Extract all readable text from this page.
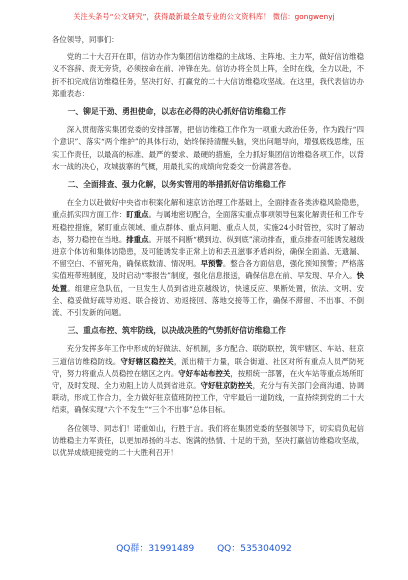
关注头条号“公文研究”，获得最新最全最专业的公文资料库！ 微信：gongwenyj

各位领导，同事们：

党的二十大召开在即，信访办作为集团信访维稳的主战场、主阵地、主力军，做好信访维稳义不容辞、责无旁贷，必须按命在前、冲锋在先。信访办将全员上阵，全时在线，全力以赴，不折不扣完成信访维稳任务，坚决打好、打赢党的二十大信访维稳攻坚战。在这里，我代表信访办郑重表态：

一、铆足干劲、勇担使命，以志在必得的决心抓好信访维稳工作

深入贯彻落实集团党委的安排部署，把信访维稳工作作为一项重大政治任务，作为践行“四个意识”、落实“两个维护”的具体行动，始终保持清醒头脑，突出问题导向，增强底线思维，压实工作责任，以最高的标准、最严的要求、最硬的措施，全力抓好集团信访维稳各项工作，以背水一战的决心，攻城拔寨的气概，用最扎实的成绩向党委交一份满意答卷。

二、全面排查、强力化解，以务实管用的举措抓好信访维稳工作

在全力以赴做好中央省市积案化解和速京访治理工作基础上，全面排查各类涉稳风险隐患，重点抓实四方面工作：盯重点。与属地密切配合，全面落实重点事项领导包案化解责任和工作专班稳控措施，紧盯重点领域、重点群体、重点问题、重点人员，实施24小时管控，实时了解动态，努力稳控在当地。排重点。开展不间断“横到边、纵到底”滚动排查，重点排查可能诱发越级进京个体访和集体访隐患，及可能诱发非正常上访和丢丑滋事矛盾纠纷，确保全面盖、无遗漏、不留空白、不留死角，确保底数清、情况明。早预警。整合各方面信息，强化预知预警；严格落实值班带班制度，及时启动“零报告”制度，强化信息报送，确保信息在前、早发现、早介入。快处置。组建应急队伍，一旦发生人员到省进京越级访，快速反应、果断处置，依法、文明、安全、稳妥做好疏导劝返、联合接访、劝返接回、落地交接等工作，确保不滞留、不出事、不倒流、不引发新的问题。

三、重点布控、筑牢防线，以决战决胜的气势抓好信访维稳工作

充分发挥多年工作中形成的好做法、好机制，多方配合、联防联控，筑牢辖区、车站、驻京三道信访维稳防线。守好辖区稳控关，派出精干力量，联合街道、社区对所有重点人员严防死守，努力将重点人员稳控在辖区之内。守好车站布控关，按照统一部署，在火车站等重点场所盯守，及时发现、全力劝阻上访人员到省进京。守好驻京防控关，充分与有关部门会商沟通、协调联动，形成工作合力，全力做好驻京值班防控工作，守牢最后一道防线，一直持续到党的二十大结束，确保实现“六个不发生”“三个不出事”总体目标。

各位领导、同志们！诺重如山，行胜于言。我们将在集团党委的坚强领导下，切实肩负起信访维稳主力军责任，以更加昂扬的斗志、饱满的热情、十足的干劲，坚决打赢信访维稳攻坚战，以优异成绩迎接党的二十大胜利召开！

QQ群：31991489	QQ：535304092
